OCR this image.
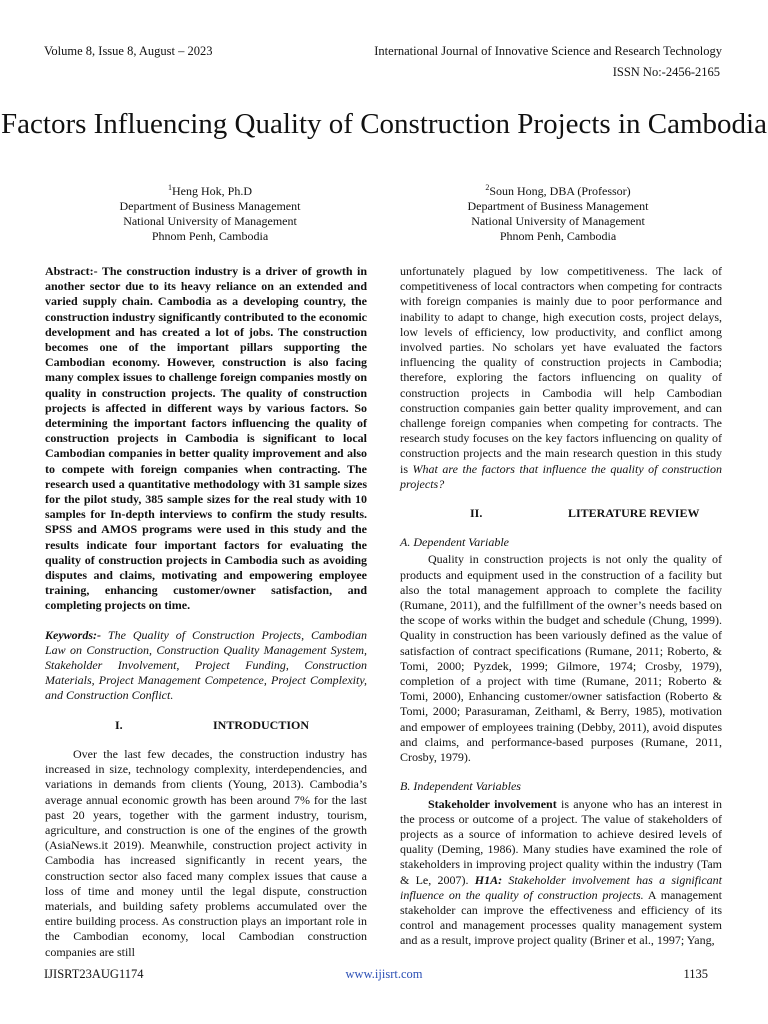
Volume 8, Issue 8, August – 2023	International Journal of Innovative Science and Research Technology
ISSN No:-2456-2165
Factors Influencing Quality of Construction Projects in Cambodia
$^1$Heng Hok, Ph.D
Department of Business Management
National University of Management
Phnom Penh, Cambodia
$^2$Soun Hong, DBA (Professor)
Department of Business Management
National University of Management
Phnom Penh, Cambodia

Abstract:- The construction industry is a driver of growth in another sector due to its heavy reliance on an extended and varied supply chain. Cambodia as a developing country, the construction industry significantly contributed to the economic development and has created a lot of jobs. The construction becomes one of the important pillars supporting the Cambodian economy. However, construction is also facing many complex issues to challenge foreign companies mostly on quality in construction projects. The quality of construction projects is affected in different ways by various factors. So determining the important factors influencing the quality of construction projects in Cambodia is significant to local Cambodian companies in better quality improvement and also to compete with foreign companies when contracting. The research used a quantitative methodology with 31 sample sizes for the pilot study, 385 sample sizes for the real study with 10 samples for In-depth interviews to confirm the study results. SPSS and AMOS programs were used in this study and the results indicate four important factors for evaluating the quality of construction projects in Cambodia such as avoiding disputes and claims, motivating and empowering employee training, enhancing customer/owner satisfaction, and completing projects on time.

Keywords:- The Quality of Construction Projects, Cambodian Law on Construction, Construction Quality Management System, Stakeholder Involvement, Project Funding, Construction Materials, Project Management Competence, Project Complexity, and Construction Conflict.

I.	INTRODUCTION

Over the last few decades, the construction industry has increased in size, technology complexity, interdependencies, and variations in demands from clients (Young, 2013). Cambodia’s average annual economic growth has been around 7% for the last past 20 years, together with the garment industry, tourism, agriculture, and construction is one of the engines of the growth (AsiaNews.it 2019). Meanwhile, construction project activity in Cambodia has increased significantly in recent years, the construction sector also faced many complex issues that cause a loss of time and money until the legal dispute, construction materials, and building safety problems accumulated over the entire building process. As construction plays an important role in the Cambodian economy, local Cambodian construction companies are still

unfortunately plagued by low competitiveness. The lack of competitiveness of local contractors when competing for contracts with foreign companies is mainly due to poor performance and inability to adapt to change, high execution costs, project delays, low levels of efficiency, low productivity, and conflict among involved parties. No scholars yet have evaluated the factors influencing the quality of construction projects in Cambodia; therefore, exploring the factors influencing on quality of construction projects in Cambodia will help Cambodian construction companies gain better quality improvement, and can challenge foreign companies when competing for contracts. The research study focuses on the key factors influencing on quality of construction projects and the main research question in this study is What are the factors that influence the quality of construction projects?

II.	LITERATURE REVIEW
A. Dependent Variable

Quality in construction projects is not only the quality of products and equipment used in the construction of a facility but also the total management approach to complete the facility (Rumane, 2011), and the fulfillment of the owner’s needs based on the scope of works within the budget and schedule (Chung, 1999). Quality in construction has been variously defined as the value of satisfaction of contract specifications (Rumane, 2011; Roberto, & Tomi, 2000; Pyzdek, 1999; Gilmore, 1974; Crosby, 1979), completion of a project with time (Rumane, 2011; Roberto & Tomi, 2000), Enhancing customer/owner satisfaction (Roberto & Tomi, 2000; Parasuraman, Zeithaml, & Berry, 1985), motivation and empower of employees training (Debby, 2011), avoid disputes and claims, and performance-based purposes (Rumane, 2011, Crosby, 1979).

B. Independent Variables

Stakeholder involvement is anyone who has an interest in the process or outcome of a project. The value of stakeholders of projects as a source of information to achieve desired levels of quality (Deming, 1986). Many studies have examined the role of stakeholders in improving project quality within the industry (Tam & Le, 2007). H1A: Stakeholder involvement has a significant influence on the quality of construction projects. A management stakeholder can improve the effectiveness and efficiency of its control and management processes quality management system and as a result, improve project quality (Briner et al., 1997; Yang,

IJISRT23AUG1174	www.ijisrt.com	1135
